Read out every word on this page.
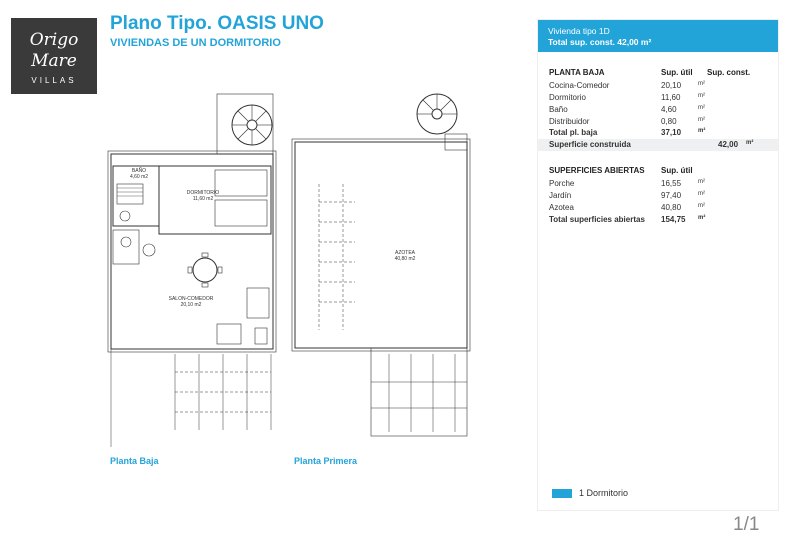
Origo
Mare
VILLAS
Plano Tipo. OASIS UNO
VIVIENDAS DE UN DORMITORIO
BAÑO
4,60 m2
DORMITORIO
11,60 m2
SALON-COMEDOR
20,10 m2
AZOTEA
40,80 m2
Planta Baja	Planta Primera
Vivienda tipo 1D
Total sup. const. 42,00 m²
PLANTA BAJA	Sup. útil Sup. const.
Cocina-Comedor	20,10	m²
Dormitorio	11,60	m²
Baño	4,60	m²
Distribuidor	0,80	m²
Total pl. baja	37,10	m²
Superficie construida	42,00 m²
SUPERFICIES ABIERTAS Sup. útil
Porche	16,55	m²
Jardín	97,40	m²
Azotea	40,80	m²
Total superficies abiertas 154,75 m²
1 Dormitorio
1/1
